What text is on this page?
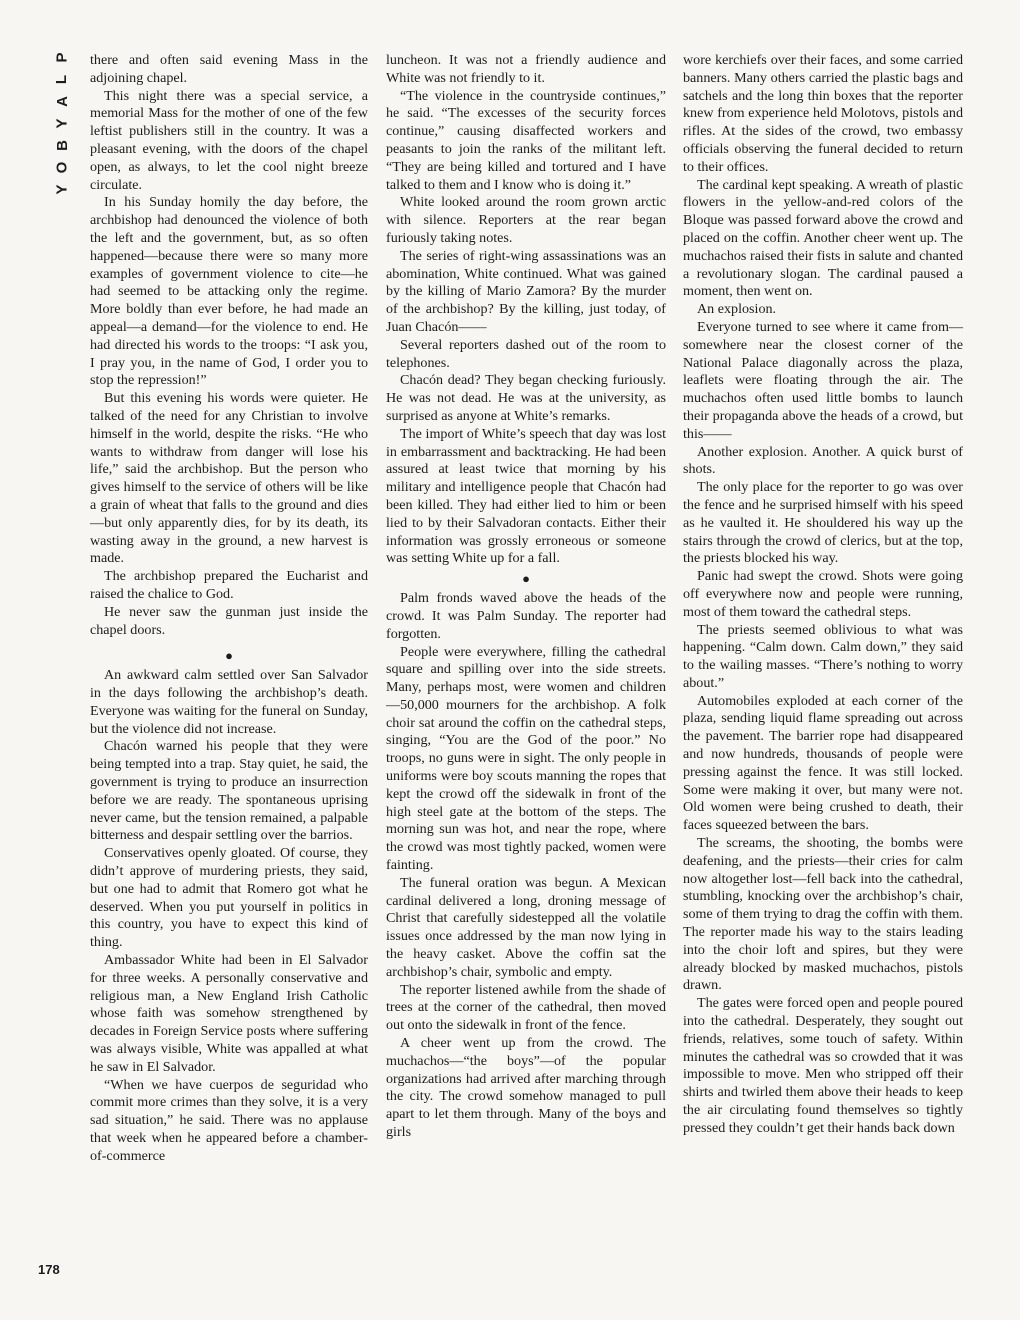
P
L
A
Y
B
O
Y

there and often said evening Mass in the adjoining chapel.

This night there was a special service, a memorial Mass for the mother of one of the few leftist publishers still in the country. It was a pleasant evening, with the doors of the chapel open, as always, to let the cool night breeze circulate.

In his Sunday homily the day before, the archbishop had denounced the violence of both the left and the government, but, as so often happened—because there were so many more examples of government violence to cite—he had seemed to be attacking only the regime. More boldly than ever before, he had made an appeal—a demand—for the violence to end. He had directed his words to the troops: “I ask you, I pray you, in the name of God, I order you to stop the repression!”

But this evening his words were quieter. He talked of the need for any Christian to involve himself in the world, despite the risks. “He who wants to withdraw from danger will lose his life,” said the archbishop. But the person who gives himself to the service of others will be like a grain of wheat that falls to the ground and dies—but only apparently dies, for by its death, its wasting away in the ground, a new harvest is made.

The archbishop prepared the Eucharist and raised the chalice to God.

He never saw the gunman just inside the chapel doors.

●

An awkward calm settled over San Salvador in the days following the archbishop’s death. Everyone was waiting for the funeral on Sunday, but the violence did not increase.

Chacón warned his people that they were being tempted into a trap. Stay quiet, he said, the government is trying to produce an insurrection before we are ready. The spontaneous uprising never came, but the tension remained, a palpable bitterness and despair settling over the barrios.

Conservatives openly gloated. Of course, they didn’t approve of murdering priests, they said, but one had to admit that Romero got what he deserved. When you put yourself in politics in this country, you have to expect this kind of thing.

Ambassador White had been in El Salvador for three weeks. A personally conservative and religious man, a New England Irish Catholic whose faith was somehow strengthened by decades in Foreign Service posts where suffering was always visible, White was appalled at what he saw in El Salvador.

“When we have cuerpos de seguridad who commit more crimes than they solve, it is a very sad situation,” he said. There was no applause that week when he appeared before a chamber-of-commerce

luncheon. It was not a friendly audience and White was not friendly to it.

“The violence in the countryside continues,” he said. “The excesses of the security forces continue,” causing disaffected workers and peasants to join the ranks of the militant left. “They are being killed and tortured and I have talked to them and I know who is doing it.”

White looked around the room grown arctic with silence. Reporters at the rear began furiously taking notes.

The series of right-wing assassinations was an abomination, White continued. What was gained by the killing of Mario Zamora? By the murder of the archbishop? By the killing, just today, of Juan Chacón——

Several reporters dashed out of the room to telephones.

Chacón dead? They began checking furiously. He was not dead. He was at the university, as surprised as anyone at White’s remarks.

The import of White’s speech that day was lost in embarrassment and backtracking. He had been assured at least twice that morning by his military and intelligence people that Chacón had been killed. They had either lied to him or been lied to by their Salvadoran contacts. Either their information was grossly erroneous or someone was setting White up for a fall.

●

Palm fronds waved above the heads of the crowd. It was Palm Sunday. The reporter had forgotten.

People were everywhere, filling the cathedral square and spilling over into the side streets. Many, perhaps most, were women and children—50,000 mourners for the archbishop. A folk choir sat around the coffin on the cathedral steps, singing, “You are the God of the poor.” No troops, no guns were in sight. The only people in uniforms were boy scouts manning the ropes that kept the crowd off the sidewalk in front of the high steel gate at the bottom of the steps. The morning sun was hot, and near the rope, where the crowd was most tightly packed, women were fainting.

The funeral oration was begun. A Mexican cardinal delivered a long, droning message of Christ that carefully sidestepped all the volatile issues once addressed by the man now lying in the heavy casket. Above the coffin sat the archbishop’s chair, symbolic and empty.

The reporter listened awhile from the shade of trees at the corner of the cathedral, then moved out onto the sidewalk in front of the fence.

A cheer went up from the crowd. The muchachos—“the boys”—of the popular organizations had arrived after marching through the city. The crowd somehow managed to pull apart to let them through. Many of the boys and girls

wore kerchiefs over their faces, and some carried banners. Many others carried the plastic bags and satchels and the long thin boxes that the reporter knew from experience held Molotovs, pistols and rifles. At the sides of the crowd, two embassy officials observing the funeral decided to return to their offices.

The cardinal kept speaking. A wreath of plastic flowers in the yellow-and-red colors of the Bloque was passed forward above the crowd and placed on the coffin. Another cheer went up. The muchachos raised their fists in salute and chanted a revolutionary slogan. The cardinal paused a moment, then went on.

An explosion.

Everyone turned to see where it came from—somewhere near the closest corner of the National Palace diagonally across the plaza, leaflets were floating through the air. The muchachos often used little bombs to launch their propaganda above the heads of a crowd, but this——

Another explosion. Another. A quick burst of shots.

The only place for the reporter to go was over the fence and he surprised himself with his speed as he vaulted it. He shouldered his way up the stairs through the crowd of clerics, but at the top, the priests blocked his way.

Panic had swept the crowd. Shots were going off everywhere now and people were running, most of them toward the cathedral steps.

The priests seemed oblivious to what was happening. “Calm down. Calm down,” they said to the wailing masses. “There’s nothing to worry about.”

Automobiles exploded at each corner of the plaza, sending liquid flame spreading out across the pavement. The barrier rope had disappeared and now hundreds, thousands of people were pressing against the fence. It was still locked. Some were making it over, but many were not. Old women were being crushed to death, their faces squeezed between the bars.

The screams, the shooting, the bombs were deafening, and the priests—their cries for calm now altogether lost—fell back into the cathedral, stumbling, knocking over the archbishop’s chair, some of them trying to drag the coffin with them. The reporter made his way to the stairs leading into the choir loft and spires, but they were already blocked by masked muchachos, pistols drawn.

The gates were forced open and people poured into the cathedral. Desperately, they sought out friends, relatives, some touch of safety. Within minutes the cathedral was so crowded that it was impossible to move. Men who stripped off their shirts and twirled them above their heads to keep the air circulating found themselves so tightly pressed they couldn’t get their hands back down

178
